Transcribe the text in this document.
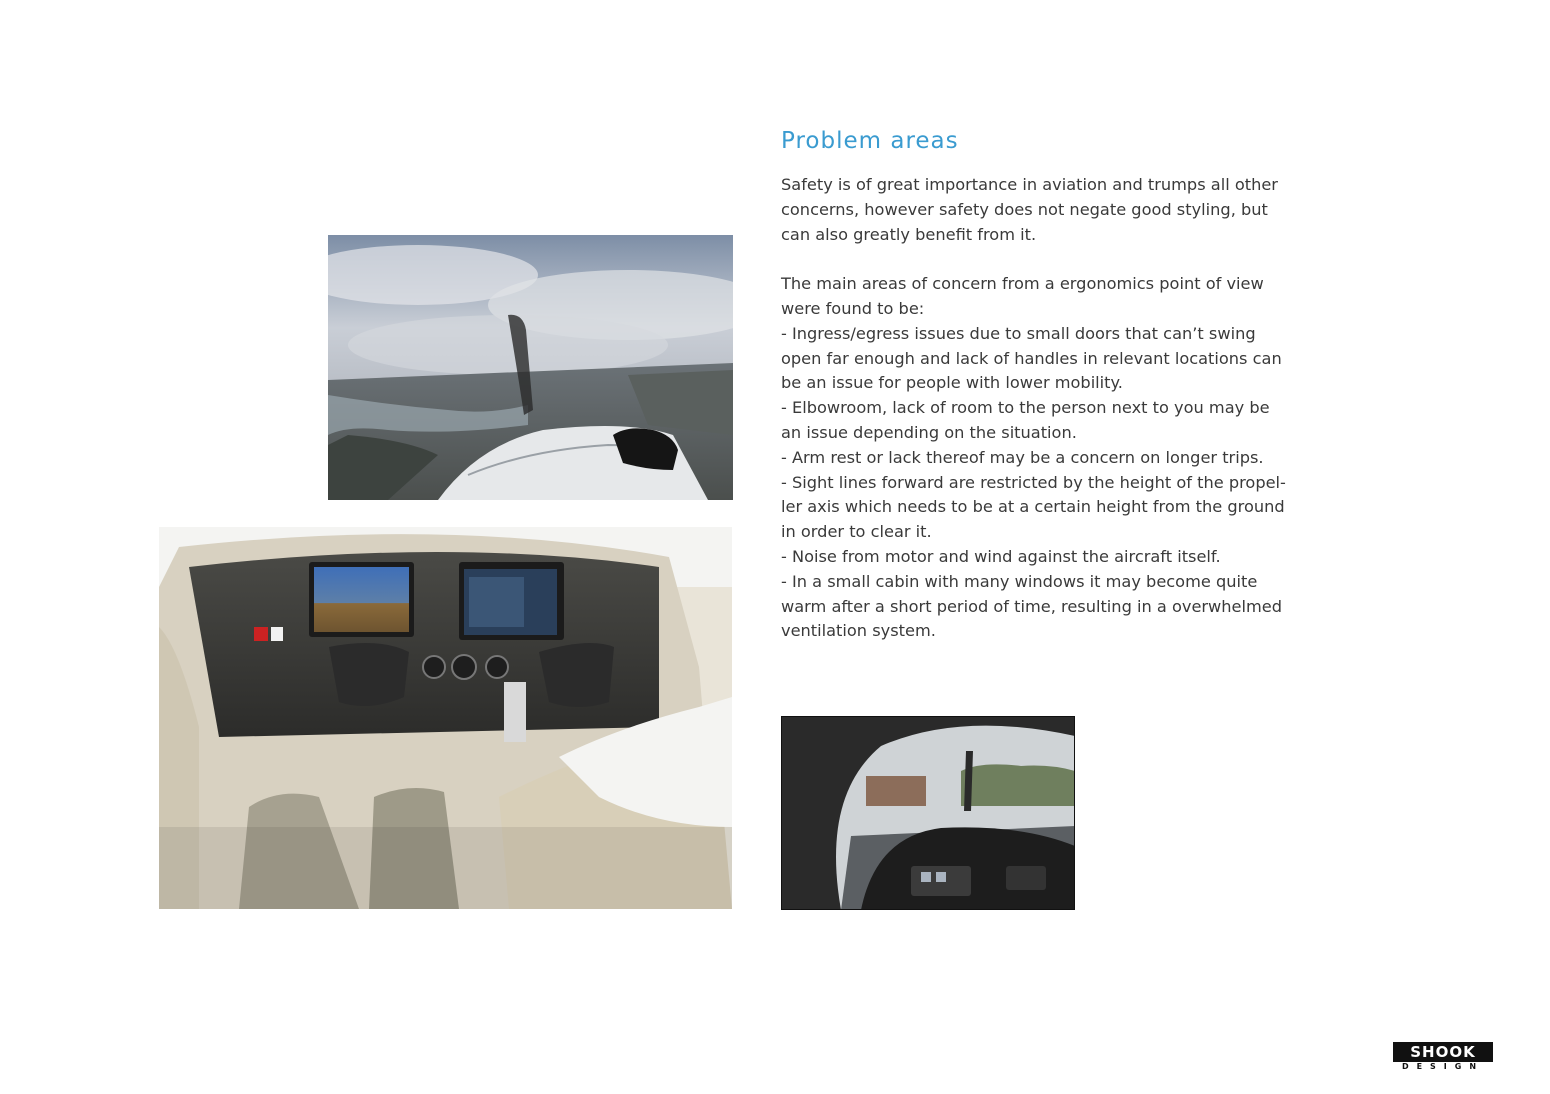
Problem areas

Safety is of great importance in aviation and trumps all other
concerns, however safety does not negate good styling, but
can also greatly benefit from it.

The main areas of concern from a ergonomics point of view
were found to be:
- Ingress/egress issues due to small doors that can’t swing
open far enough and lack of handles in relevant locations can
be an issue for people with lower mobility.
- Elbowroom, lack of room to the person next to you may be
an issue depending on the situation.
- Arm rest or lack thereof may be a concern on longer trips.
- Sight lines forward are restricted by the height of the propel-
ler axis which needs to be at a certain height from the ground
in order to clear it.
- Noise from motor and wind against the aircraft itself.
- In a small cabin with many windows it may become quite
warm after a short period of time, resulting in a overwhelmed
ventilation system.

SHOOK
DESIGN
